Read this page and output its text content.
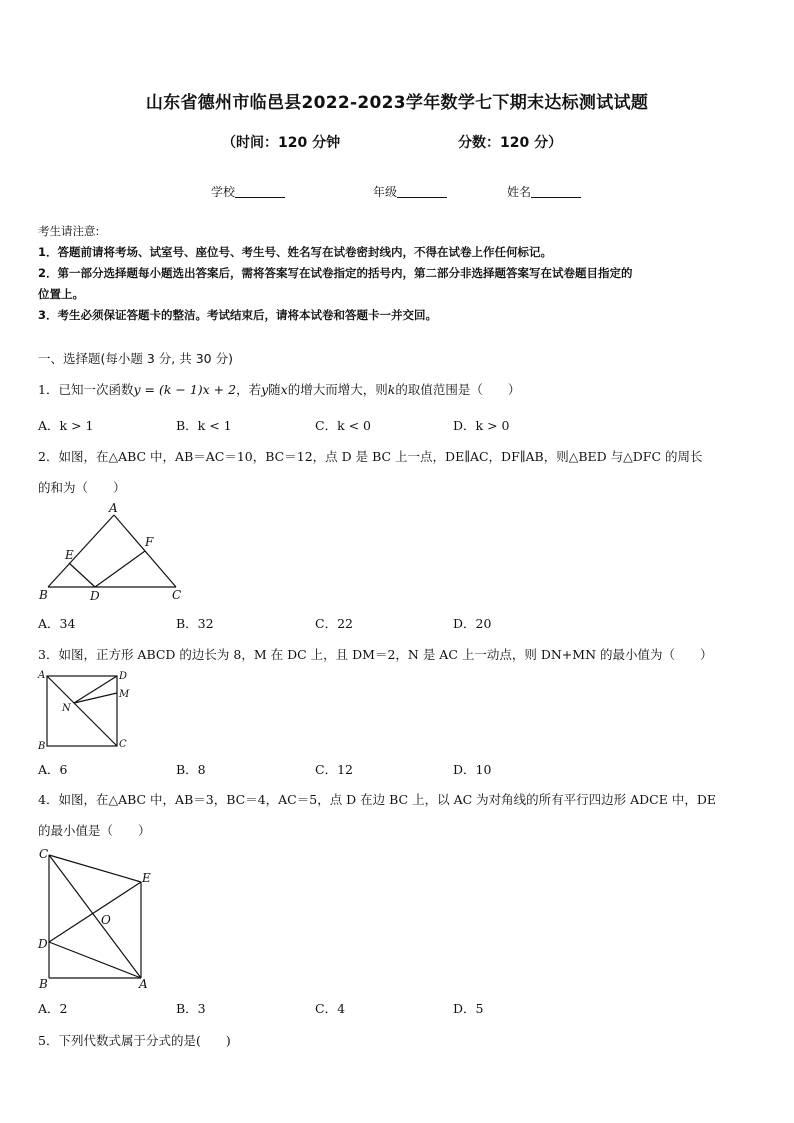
山东省德州市临邑县2022-2023学年数学七下期末达标测试试题
（时间：120 分钟	分数：120 分）
学校	年级	姓名
考生请注意:
1．答题前请将考场、试室号、座位号、考生号、姓名写在试卷密封线内，不得在试卷上作任何标记。
2．第一部分选择题每小题选出答案后，需将答案写在试卷指定的括号内，第二部分非选择题答案写在试卷题目指定的
位置上。
3．考生必须保证答题卡的整洁。考试结束后，请将本试卷和答题卡一并交回。
一、选择题(每小题 3 分, 共 30 分)
1．已知一次函数y = (k − 1)x + 2，若y随x的增大而增大，则k的取值范围是（　　）
A．k > 1	B．k < 1	C．k < 0	D．k > 0
2．如图，在△ABC 中，AB＝AC＝10，BC＝12，点 D 是 BC 上一点，DE∥AC，DF∥AB，则△BED 与△DFC 的周长
的和为（　　）
A
B	C
D
E
F
A．34	B．32	C．22	D．20
3．如图，正方形 ABCD 的边长为 8，M 在 DC 上，且 DM＝2，N 是 AC 上一动点，则 DN+MN 的最小值为（　　）
A
B	C
D
M
N
A．6	B．8	C．12	D．10
4．如图，在△ABC 中，AB＝3，BC＝4，AC＝5，点 D 在边 BC 上，以 AC 为对角线的所有平行四边形 ADCE 中，DE
的最小值是（　　）
C
B	A
D
E
O
A．2	B．3	C．4	D．5
5．下列代数式属于分式的是(　　)
